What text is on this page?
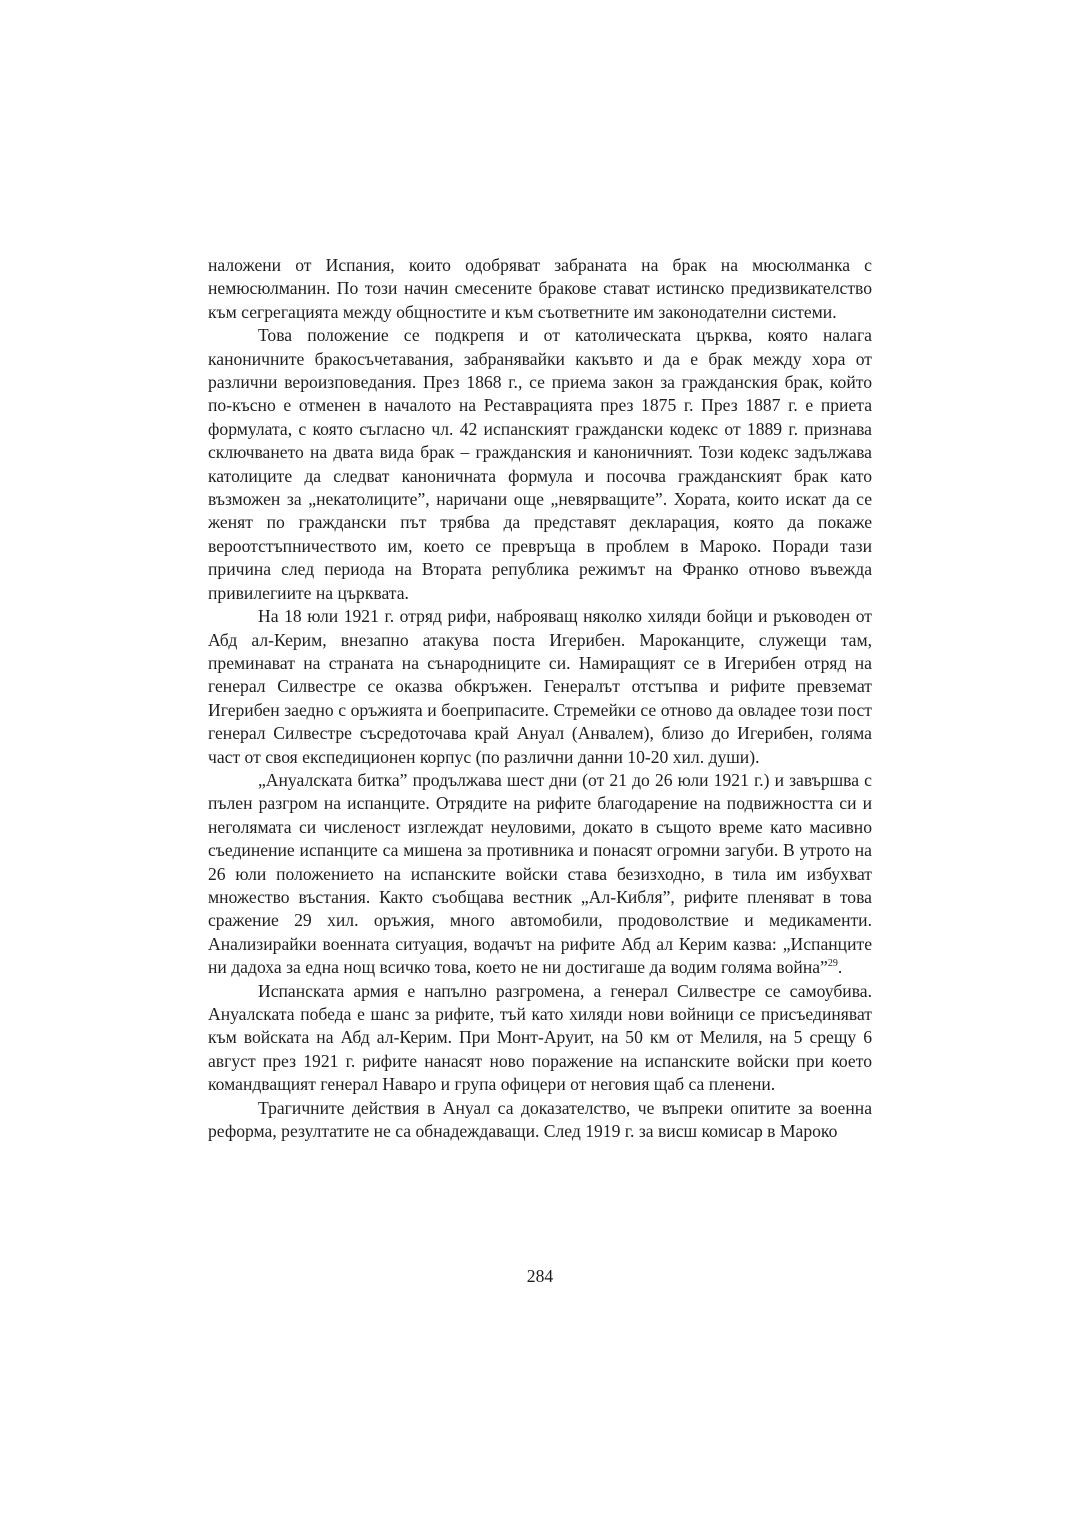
наложени от Испания, които одобряват забраната на брак на мюсюлманка с немюсюлманин. По този начин смесените бракове стават истинско предизвикателство към сегрегацията между общностите и към съответните им законодателни системи.

Това положение се подкрепя и от католическата църква, която налага каноничните бракосъчетавания, забранявайки какъвто и да е брак между хора от различни вероизповедания. През 1868 г., се приема закон за гражданския брак, който по-късно е отменен в началото на Реставрацията през 1875 г. През 1887 г. е приета формулата, с която съгласно чл. 42 испанският граждански кодекс от 1889 г. признава сключването на двата вида брак – гражданския и каноничният. Този кодекс задължава католиците да следват каноничната формула и посочва гражданският брак като възможен за „некатолиците”, наричани още „невярващите”. Хората, които искат да се женят по граждански път трябва да представят декларация, която да покаже вероотстъпничеството им, което се превръща в проблем в Мароко. Поради тази причина след периода на Втората република режимът на Франко отново въвежда привилегиите на църквата.

На 18 юли 1921 г. отряд рифи, наброяващ няколко хиляди бойци и ръководен от Абд ал-Керим, внезапно атакува поста Игерибен. Мароканците, служещи там, преминават на страната на сънародниците си. Намиращият се в Игерибен отряд на генерал Силвестре се оказва обкръжен. Генералът отстъпва и рифите превземат Игерибен заедно с оръжията и боеприпасите. Стремейки се отново да овладее този пост генерал Силвестре съсредоточава край Ануал (Анвалем), близо до Игерибен, голяма част от своя експедиционен корпус (по различни данни 10-20 хил. души).

„Ануалската битка” продължава шест дни (от 21 до 26 юли 1921 г.) и завършва с пълен разгром на испанците. Отрядите на рифите благодарение на подвижността си и неголямата си численост изглеждат неуловими, докато в същото време като масивно съединение испанците са мишена за противника и понасят огромни загуби. В утрото на 26 юли положението на испанските войски става безизходно, в тила им избухват множество въстания. Както съобщава вестник „Ал-Кибля”, рифите пленяват в това сражение 29 хил. оръжия, много автомобили, продоволствие и медикаменти. Анализирайки военната ситуация, водачът на рифите Абд ал Керим казва: „Испанците ни дадоха за една нощ всичко това, което не ни достигаше да водим голяма война”$^{29}$.

Испанската армия е напълно разгромена, а генерал Силвестре се самоубива. Ануалската победа е шанс за рифите, тъй като хиляди нови войници се присъединяват към войската на Абд ал-Керим. При Монт-Аруит, на 50 км от Мелиля, на 5 срещу 6 август през 1921 г. рифите нанасят ново поражение на испанските войски при което командващият генерал Наваро и група офицери от неговия щаб са пленени.

Трагичните действия в Ануал са доказателство, че въпреки опитите за военна реформа, резултатите не са обнадеждаващи. След 1919 г. за висш комисар в Мароко

284
